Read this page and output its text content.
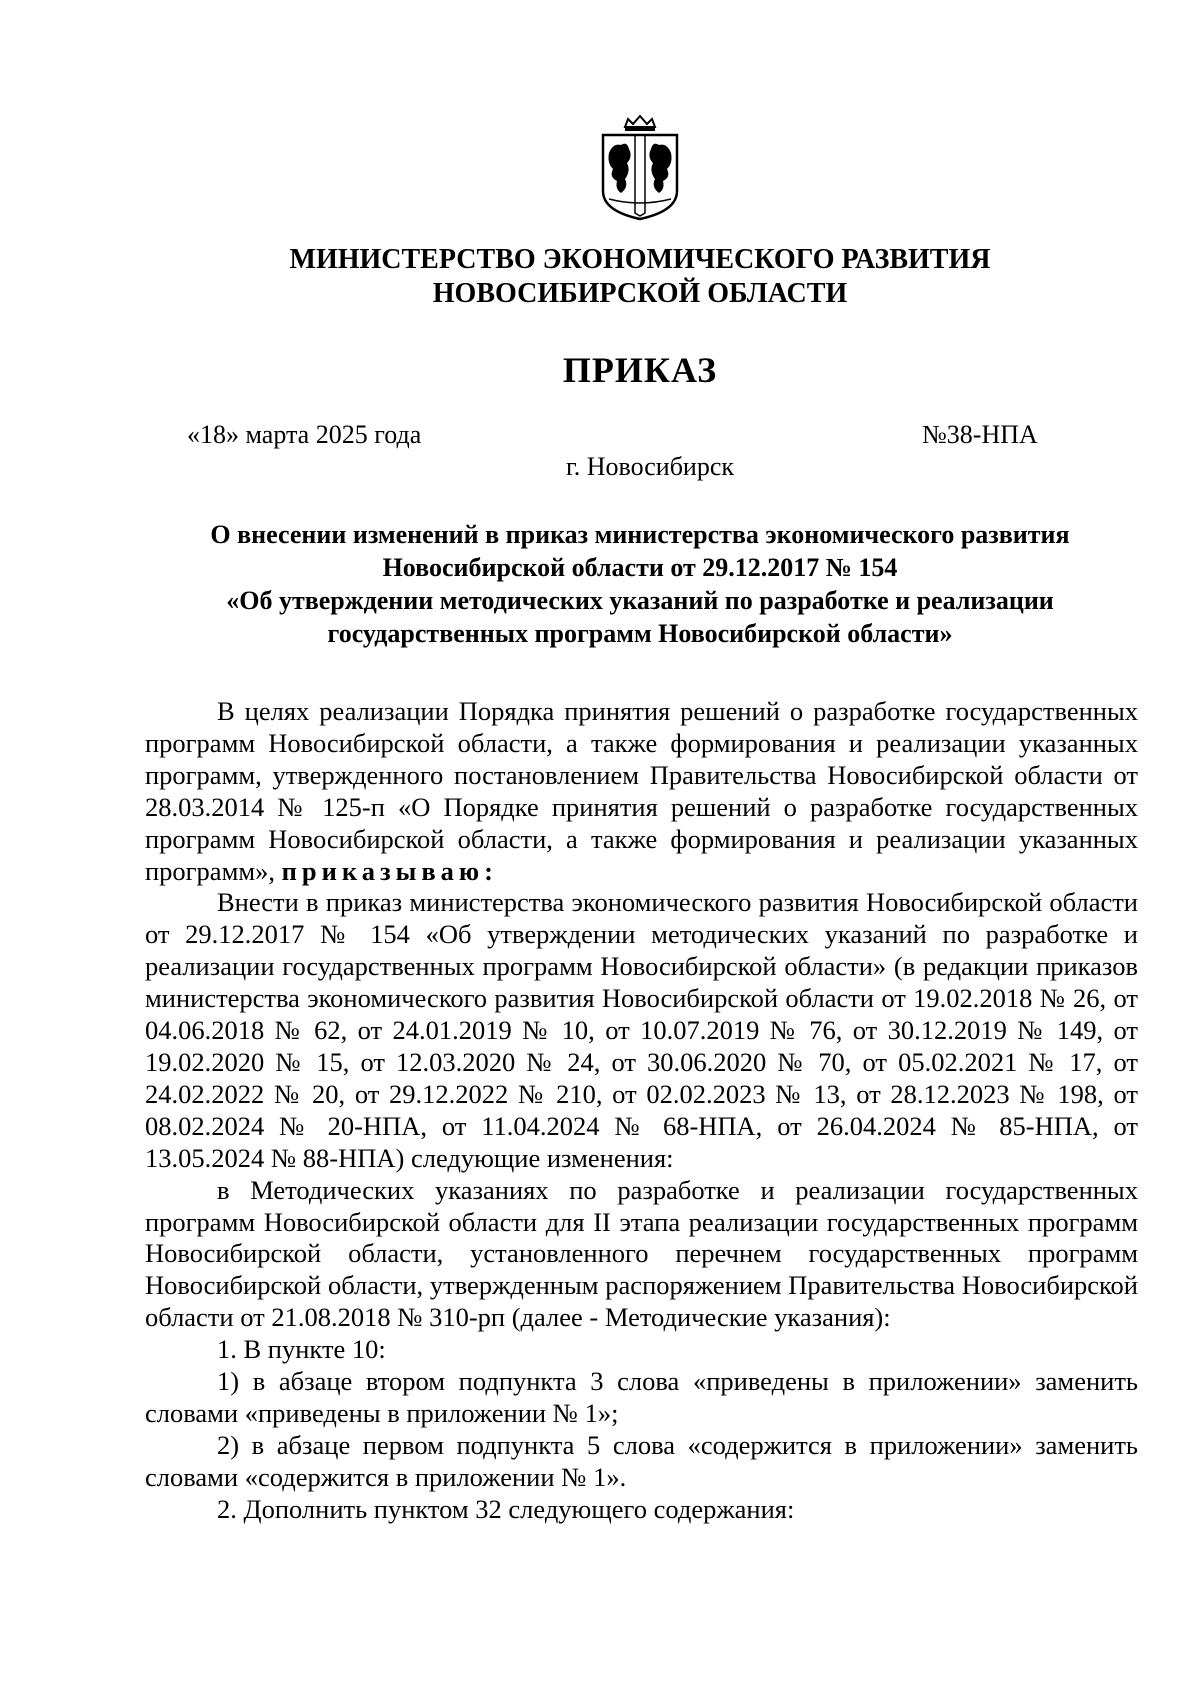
МИНИСТЕРСТВО ЭКОНОМИЧЕСКОГО РАЗВИТИЯ
НОВОСИБИРСКОЙ ОБЛАСТИ
ПРИКАЗ
«18» марта 2025 года	№38-НПА
г. Новосибирск
О внесении изменений в приказ министерства экономического развития
Новосибирской области от 29.12.2017 № 154
«Об утверждении методических указаний по разработке и реализации
государственных программ Новосибирской области»

В целях реализации Порядка принятия решений о разработке государственных программ Новосибирской области, а также формирования и реализации указанных программ, утвержденного постановлением Правительства Новосибирской области от 28.03.2014 № 125-п «О Порядке принятия решений о разработке государственных программ Новосибирской области, а также формирования и реализации указанных программ», приказываю:

Внести в приказ министерства экономического развития Новосибирской области от 29.12.2017 № 154 «Об утверждении методических указаний по разработке и реализации государственных программ Новосибирской области» (в редакции приказов министерства экономического развития Новосибирской области от 19.02.2018 № 26, от 04.06.2018 № 62, от 24.01.2019 № 10, от 10.07.2019 № 76, от 30.12.2019 № 149, от 19.02.2020 № 15, от 12.03.2020 № 24, от 30.06.2020 № 70, от 05.02.2021 № 17, от 24.02.2022 № 20, от 29.12.2022 № 210, от 02.02.2023 № 13, от 28.12.2023 № 198, от 08.02.2024 № 20-НПА, от 11.04.2024 № 68-НПА, от 26.04.2024 № 85-НПА, от 13.05.2024 № 88-НПА) следующие изменения:

в Методических указаниях по разработке и реализации государственных программ Новосибирской области для II этапа реализации государственных программ Новосибирской области, установленного перечнем государственных программ Новосибирской области, утвержденным распоряжением Правительства Новосибирской области от 21.08.2018 № 310-рп (далее - Методические указания):

1. В пункте 10:

1) в абзаце втором подпункта 3 слова «приведены в приложении» заменить словами «приведены в приложении № 1»;

2) в абзаце первом подпункта 5 слова «содержится в приложении» заменить словами «содержится в приложении № 1».

2. Дополнить пунктом 32 следующего содержания:
